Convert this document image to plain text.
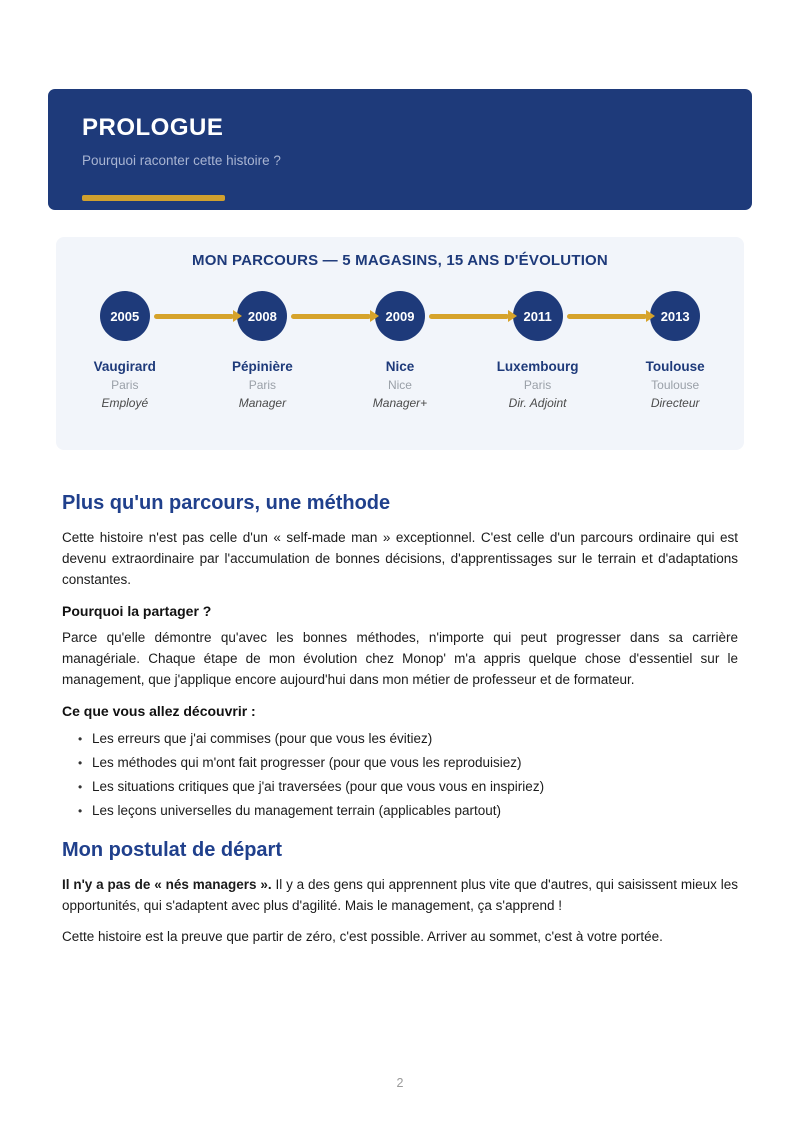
PROLOGUE
Pourquoi raconter cette histoire ?
MON PARCOURS — 5 MAGASINS, 15 ANS D'ÉVOLUTION
2005
Vaugirard
Paris
Employé
2008
Pépinière
Paris
Manager
2009
Nice
Nice
Manager+
2011
Luxembourg
Paris
Dir. Adjoint
2013
Toulouse
Toulouse
Directeur
Plus qu'un parcours, une méthode

Cette histoire n'est pas celle d'un « self-made man » exceptionnel. C'est celle d'un parcours ordinaire qui est devenu extraordinaire par l'accumulation de bonnes décisions, d'apprentissages sur le terrain et d'adaptations constantes.

Pourquoi la partager ?

Parce qu'elle démontre qu'avec les bonnes méthodes, n'importe qui peut progresser dans sa carrière managériale. Chaque étape de mon évolution chez Monop' m'a appris quelque chose d'essentiel sur le management, que j'applique encore aujourd'hui dans mon métier de professeur et de formateur.

Ce que vous allez découvrir :
• Les erreurs que j'ai commises (pour que vous les évitiez)
• Les méthodes qui m'ont fait progresser (pour que vous les reproduisiez)
• Les situations critiques que j'ai traversées (pour que vous vous en inspiriez)
• Les leçons universelles du management terrain (applicables partout)
Mon postulat de départ

Il n'y a pas de « nés managers ». Il y a des gens qui apprennent plus vite que d'autres, qui saisissent mieux les opportunités, qui s'adaptent avec plus d'agilité. Mais le management, ça s'apprend !

Cette histoire est la preuve que partir de zéro, c'est possible. Arriver au sommet, c'est à votre portée.

2
